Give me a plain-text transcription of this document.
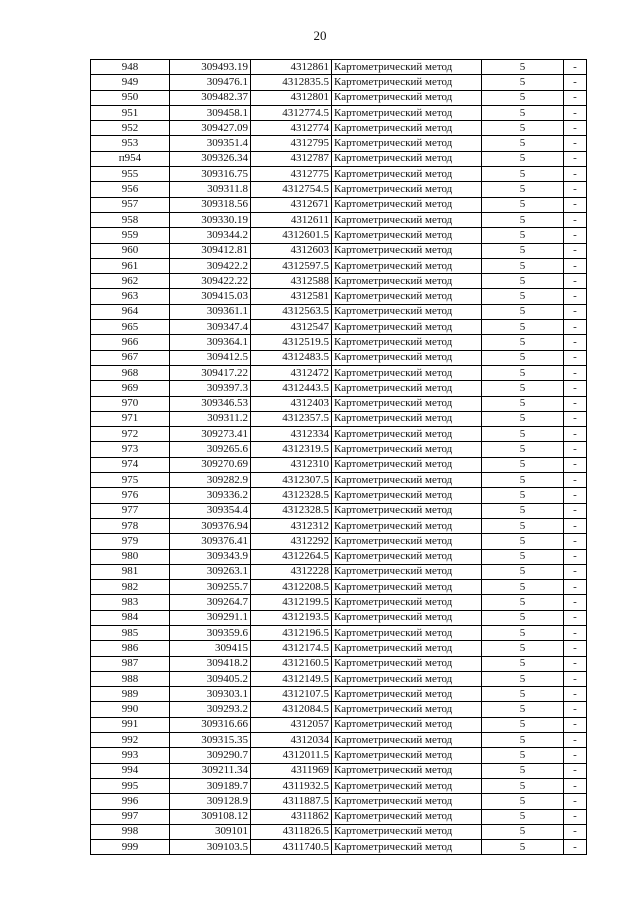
20
948	309493.19	4312861	Картометрический метод	5	-
949	309476.1	4312835.5	Картометрический метод	5	-
950	309482.37	4312801	Картометрический метод	5	-
951	309458.1	4312774.5	Картометрический метод	5	-
952	309427.09	4312774	Картометрический метод	5	-
953	309351.4	4312795	Картометрический метод	5	-
п954	309326.34	4312787	Картометрический метод	5	-
955	309316.75	4312775	Картометрический метод	5	-
956	309311.8	4312754.5	Картометрический метод	5	-
957	309318.56	4312671	Картометрический метод	5	-
958	309330.19	4312611	Картометрический метод	5	-
959	309344.2	4312601.5	Картометрический метод	5	-
960	309412.81	4312603	Картометрический метод	5	-
961	309422.2	4312597.5	Картометрический метод	5	-
962	309422.22	4312588	Картометрический метод	5	-
963	309415.03	4312581	Картометрический метод	5	-
964	309361.1	4312563.5	Картометрический метод	5	-
965	309347.4	4312547	Картометрический метод	5	-
966	309364.1	4312519.5	Картометрический метод	5	-
967	309412.5	4312483.5	Картометрический метод	5	-
968	309417.22	4312472	Картометрический метод	5	-
969	309397.3	4312443.5	Картометрический метод	5	-
970	309346.53	4312403	Картометрический метод	5	-
971	309311.2	4312357.5	Картометрический метод	5	-
972	309273.41	4312334	Картометрический метод	5	-
973	309265.6	4312319.5	Картометрический метод	5	-
974	309270.69	4312310	Картометрический метод	5	-
975	309282.9	4312307.5	Картометрический метод	5	-
976	309336.2	4312328.5	Картометрический метод	5	-
977	309354.4	4312328.5	Картометрический метод	5	-
978	309376.94	4312312	Картометрический метод	5	-
979	309376.41	4312292	Картометрический метод	5	-
980	309343.9	4312264.5	Картометрический метод	5	-
981	309263.1	4312228	Картометрический метод	5	-
982	309255.7	4312208.5	Картометрический метод	5	-
983	309264.7	4312199.5	Картометрический метод	5	-
984	309291.1	4312193.5	Картометрический метод	5	-
985	309359.6	4312196.5	Картометрический метод	5	-
986	309415	4312174.5	Картометрический метод	5	-
987	309418.2	4312160.5	Картометрический метод	5	-
988	309405.2	4312149.5	Картометрический метод	5	-
989	309303.1	4312107.5	Картометрический метод	5	-
990	309293.2	4312084.5	Картометрический метод	5	-
991	309316.66	4312057	Картометрический метод	5	-
992	309315.35	4312034	Картометрический метод	5	-
993	309290.7	4312011.5	Картометрический метод	5	-
994	309211.34	4311969	Картометрический метод	5	-
995	309189.7	4311932.5	Картометрический метод	5	-
996	309128.9	4311887.5	Картометрический метод	5	-
997	309108.12	4311862	Картометрический метод	5	-
998	309101	4311826.5	Картометрический метод	5	-
999	309103.5	4311740.5	Картометрический метод	5	-
